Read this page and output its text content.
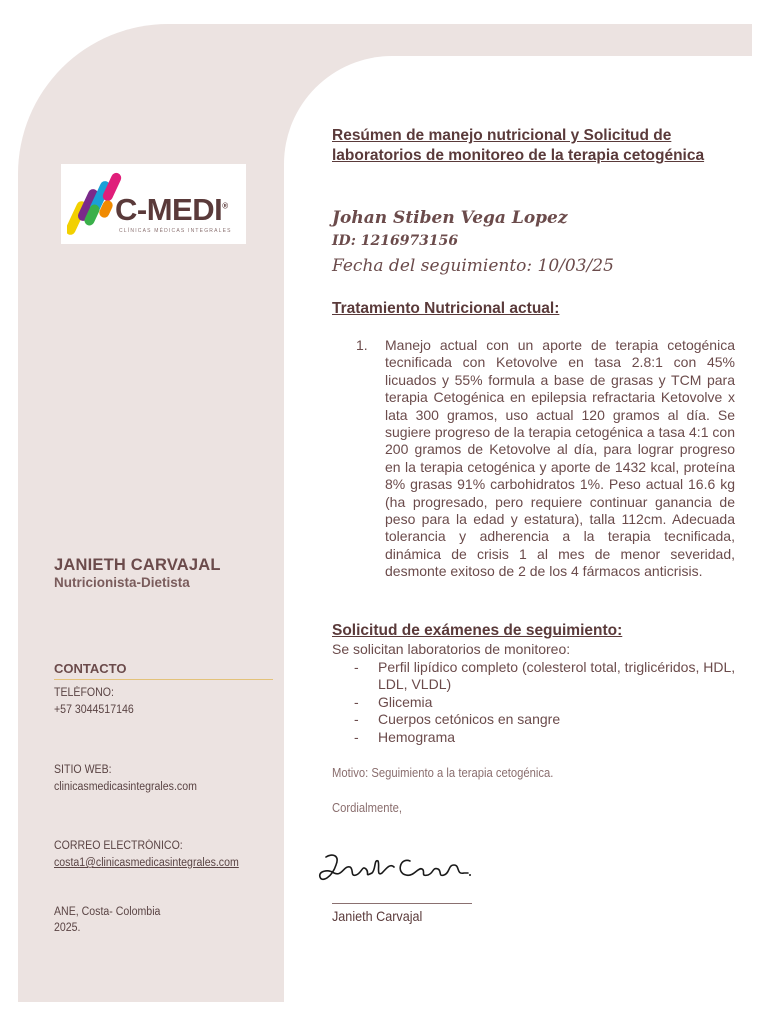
C-MEDI®
CLÍNICAS MÉDICAS INTEGRALES
JANIETH CARVAJAL
Nutricionista-Dietista
CONTACTO
TELÉFONO:
+57 3044517146
SITIO WEB:
clinicasmedicasintegrales.com
CORREO ELECTRÓNICO:
costa1@clinicasmedicasintegrales.com
ANE, Costa- Colombia
2025.
Resúmen de manejo nutricional y Solicitud de laboratorios de monitoreo de la terapia cetogénica
Johan Stiben Vega Lopez
ID: 1216973156
Fecha del seguimiento: 10/03/25
Tratamiento Nutricional actual:
1. Manejo actual con un aporte de terapia cetogénica tecnificada con Ketovolve en tasa 2.8:1 con 45% licuados y 55% formula a base de grasas y TCM para terapia Cetogénica en epilepsia refractaria Ketovolve x lata 300 gramos, uso actual 120 gramos al día. Se sugiere progreso de la terapia cetogénica a tasa 4:1 con 200 gramos de Ketovolve al día, para lograr progreso en la terapia cetogénica y aporte de 1432 kcal, proteína 8% grasas 91% carbohidratos 1%. Peso actual 16.6 kg (ha progresado, pero requiere continuar ganancia de peso para la edad y estatura), talla 112cm. Adecuada tolerancia y adherencia a la terapia tecnificada, dinámica de crisis 1 al mes de menor severidad, desmonte exitoso de 2 de los 4 fármacos anticrisis.
Solicitud de exámenes de seguimiento:
Se solicitan laboratorios de monitoreo:
- Perfil lipídico completo (colesterol total, triglicéridos, HDL, LDL, VLDL)
- Glicemia
- Cuerpos cetónicos en sangre
- Hemograma
Motivo: Seguimiento a la terapia cetogénica.
Cordialmente,
Janieth Carvajal
